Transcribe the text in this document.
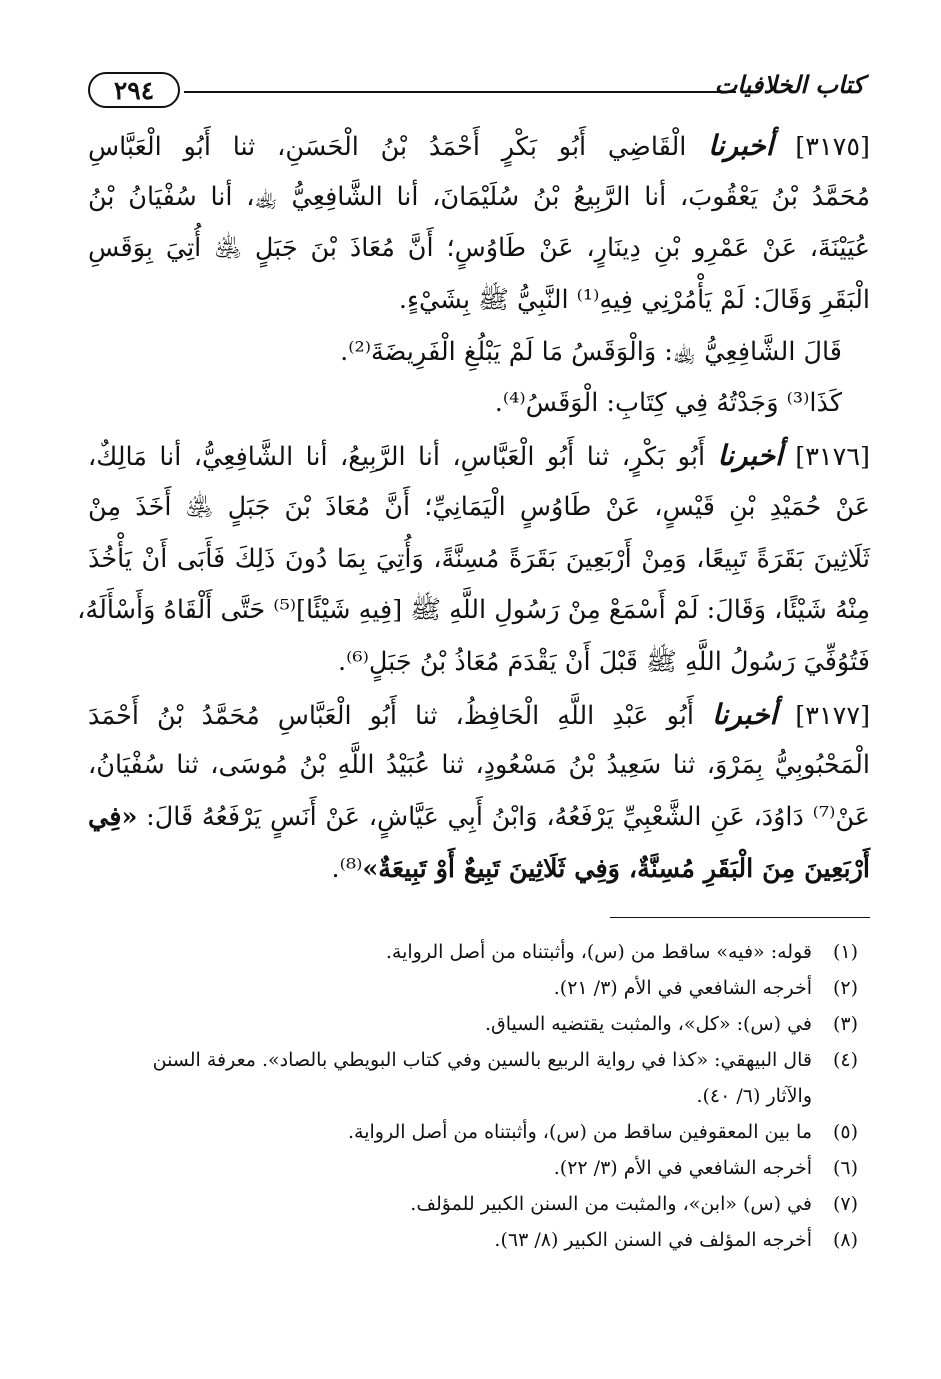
٢٩٤	كتاب الخلافيات
[٣١٧٥] أخبرنا الْقَاضِي أَبُو بَكْرٍ أَحْمَدُ بْنُ الْحَسَنِ، ثنا أَبُو الْعَبَّاسِ
مُحَمَّدُ بْنُ يَعْقُوبَ، أنا الرَّبِيعُ بْنُ سُلَيْمَانَ، أنا الشَّافِعِيُّ ﵀، أنا سُفْيَانُ بْنُ
عُيَيْنَةَ، عَنْ عَمْرِو بْنِ دِينَارٍ، عَنْ طَاوُسٍ؛ أَنَّ مُعَاذَ بْنَ جَبَلٍ ﵁ أُتِيَ بِوَقَسِ
الْبَقَرِ وَقَالَ: لَمْ يَأْمُرْنِي فِيهِ⁽¹⁾ النَّبِيُّ ﷺ بِشَيْءٍ.
قَالَ الشَّافِعِيُّ ﵀: وَالْوَقَسُ مَا لَمْ يَبْلُغِ الْفَرِيضَةَ⁽²⁾.
كَذَا⁽³⁾ وَجَدْتُهُ فِي كِتَابِ: الْوَقَسُ⁽⁴⁾.
[٣١٧٦] أخبرنا أَبُو بَكْرٍ، ثنا أَبُو الْعَبَّاسِ، أنا الرَّبِيعُ، أنا الشَّافِعِيُّ، أنا مَالِكٌ،
عَنْ حُمَيْدِ بْنِ قَيْسٍ، عَنْ طَاوُسٍ الْيَمَانِيِّ؛ أَنَّ مُعَاذَ بْنَ جَبَلٍ ﵁ أَخَذَ مِنْ
ثَلَاثِينَ بَقَرَةً تَبِيعًا، وَمِنْ أَرْبَعِينَ بَقَرَةً مُسِنَّةً، وَأُتِيَ بِمَا دُونَ ذَلِكَ فَأَبَى أَنْ يَأْخُذَ
مِنْهُ شَيْئًا، وَقَالَ: لَمْ أَسْمَعْ مِنْ رَسُولِ اللَّهِ ﷺ [فِيهِ شَيْئًا]⁽⁵⁾ حَتَّى أَلْقَاهُ وَأَسْأَلَهُ،
فَتُوُفِّيَ رَسُولُ اللَّهِ ﷺ قَبْلَ أَنْ يَقْدَمَ مُعَاذُ بْنُ جَبَلٍ⁽⁶⁾.
[٣١٧٧] أخبرنا أَبُو عَبْدِ اللَّهِ الْحَافِظُ، ثنا أَبُو الْعَبَّاسِ مُحَمَّدُ بْنُ أَحْمَدَ
الْمَحْبُوبِيُّ بِمَرْوَ، ثنا سَعِيدُ بْنُ مَسْعُودٍ، ثنا عُبَيْدُ اللَّهِ بْنُ مُوسَى، ثنا سُفْيَانُ،
عَنْ⁽⁷⁾ دَاوُدَ، عَنِ الشَّعْبِيِّ يَرْفَعُهُ، وَابْنُ أَبِي عَيَّاشٍ، عَنْ أَنَسٍ يَرْفَعُهُ قَالَ: «فِي
أَرْبَعِينَ مِنَ الْبَقَرِ مُسِنَّةٌ، وَفِي ثَلَاثِينَ تَبِيعٌ أَوْ تَبِيعَةٌ»⁽⁸⁾.
(١)
قوله: «فيه» ساقط من (س)، وأثبتناه من أصل الرواية.
(٢)
أخرجه الشافعي في الأم (٣/ ٢١).
(٣)
في (س): «كل»، والمثبت يقتضيه السياق.
(٤)
قال البيهقي: «كذا في رواية الربيع بالسين وفي كتاب البويطي بالصاد». معرفة السنن
والآثار (٦/ ٤٠).
(٥)
ما بين المعقوفين ساقط من (س)، وأثبتناه من أصل الرواية.
(٦)
أخرجه الشافعي في الأم (٣/ ٢٢).
(٧)
في (س) «ابن»، والمثبت من السنن الكبير للمؤلف.
(٨)
أخرجه المؤلف في السنن الكبير (٨/ ٦٣).
